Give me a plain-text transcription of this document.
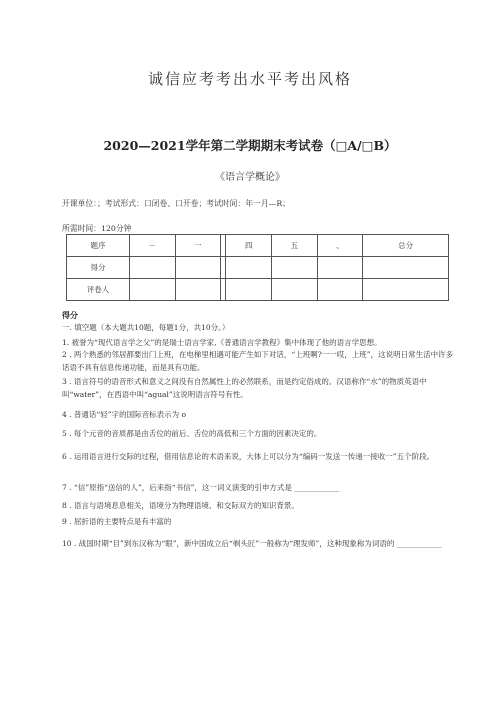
诚信应考考出水平考出风格
2020—2021学年第二学期期末考试卷（□A/□B）
《语言学概论》
开课单位：；考试形式：口闭卷、口开卷；考试时间：年一月—R；
所需时间：120分钟
题序	－	一		四	五	、	总分
得分							
评卷人							
得分
一. 填空题（本大题共10题，每题1分，共10分。）
1. 被誉为“现代语言学之父”的是瑞士语言学家,《普通语言学教程》集中体现了他的语言学思想。
2 . 两个熟悉的邻居都要出门上班，在电梯里相遇可能产生如下对话，“上班啊?一一哎，上班”，这说明日常生活中许多话语不具有信息传递功能，而是具有功能。
3 . 语言符号的语音形式和意义之间没有自然属性上的必然联系，而是约定俗成的。汉语称作“水”的物质英语中叫“water”，在西语中叫“agual”这说明语言符号有性。
4 . 普通话“轻”字的国际音标表示为 o
5 . 每个元音的音质都是由舌位的前后、舌位的高低和三个方面的因素决定的。
6 . 运用语言进行交际的过程，借用信息论的术语来说，大体上可以分为“编码一发送一传递一接收一”五个阶段。
7 . “信”原指“送信的人”，后来指“书信”，这一词义演变的引申方式是 ____________
8 . 语言与语境息息相关，语境分为物理语境、和交际双方的知识背景。
9 . 屈折语的主要特点是有丰富的
10 . 战国时期“目”到东汉称为“眼”，新中国成立后“剃头匠”一般称为“理发师”，这种现象称为词语的 ____________
